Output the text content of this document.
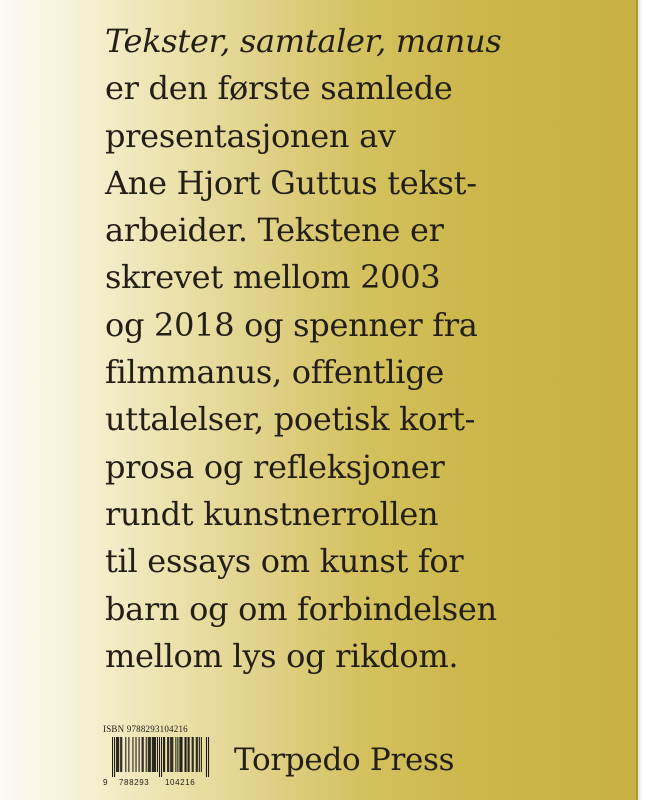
Tekster, samtaler, manus
er den første samlede
presentasjonen av
Ane Hjort Guttus tekst-
arbeider. Tekstene er
skrevet mellom 2003
og 2018 og spenner fra
filmmanus, offentlige
uttalelser, poetisk kort-
prosa og refleksjoner
rundt kunstnerrollen
til essays om kunst for
barn og om forbindelsen
mellom lys og rikdom.
ISBN 9788293104216
9 788293 104216
Torpedo Press
